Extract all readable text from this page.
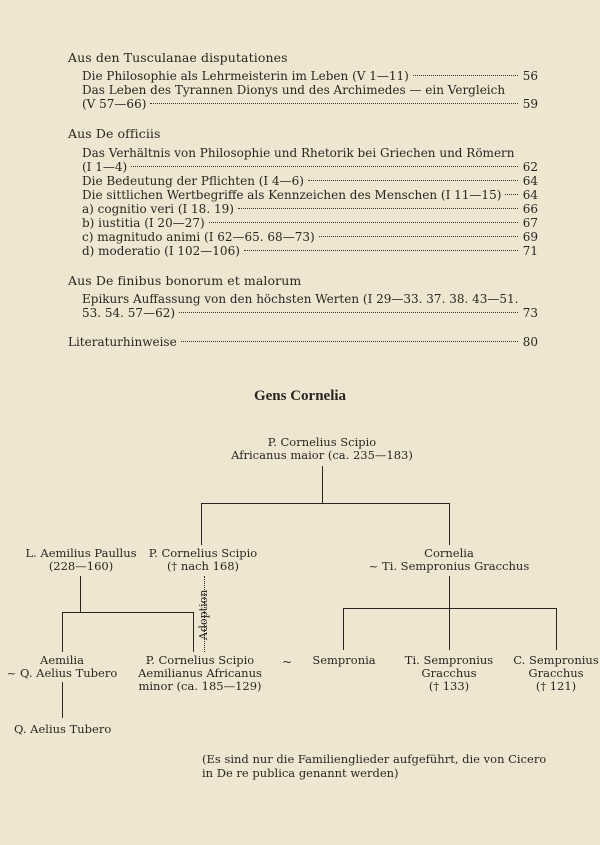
Aus den Tusculanae disputationes
Die Philosophie als Lehrmeisterin im Leben (V 1—11)	56
Das Leben des Tyrannen Dionys und des Archimedes — ein Vergleich
(V 57—66)	59
Aus De officiis
Das Verhältnis von Philosophie und Rhetorik bei Griechen und Römern
(I 1—4)	62
Die Bedeutung der Pflichten (I 4—6)	64
Die sittlichen Wertbegriffe als Kennzeichen des Menschen (I 11—15) 64
a) cognitio veri (I 18. 19)	66
b) iustitia (I 20—27)	67
c) magnitudo animi (I 62—65. 68—73)	69
d) moderatio (I 102—106)	71
Aus De finibus bonorum et malorum
Epikurs Auffassung von den höchsten Werten (I 29—33. 37. 38. 43—51.
53. 54. 57—62)	73
Literaturhinweise	80
Gens Cornelia
P. Cornelius Scipio
Africanus maior (ca. 235—183)
L. Aemilius Paullus
(228—160)
P. Cornelius Scipio
(† nach 168)
Cornelia
~ Ti. Sempronius Gracchus
Adoption
Aemilia
~ Q. Aelius Tubero
P. Cornelius Scipio
Aemilianus Africanus
minor (ca. 185—129)
~	Sempronia	Ti. Sempronius
Gracchus
(† 133)
C. Sempronius
Gracchus
(† 121)
Q. Aelius Tubero
(Es sind nur die Familienglieder aufgeführt, die von Cicero
in De re publica genannt werden)
